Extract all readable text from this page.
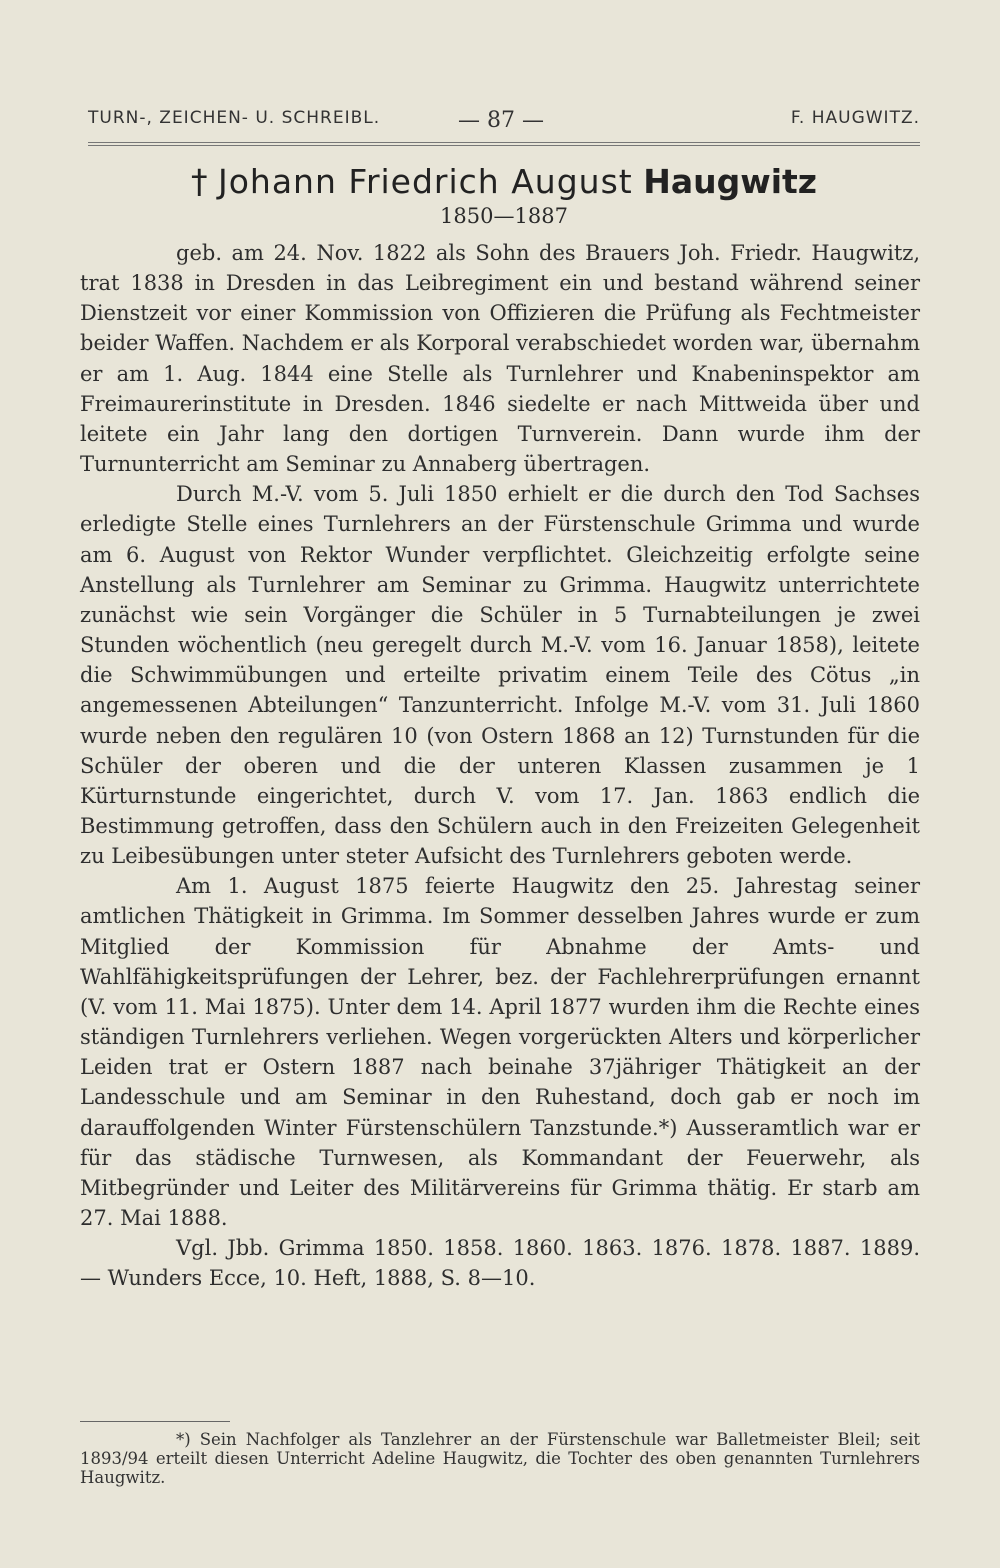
TURN-, ZEICHEN- U. SCHREIBL.	— 87 —	F. HAUGWITZ.
† Johann Friedrich August Haugwitz
1850—1887

geb. am 24. Nov. 1822 als Sohn des Brauers Joh. Friedr. Haugwitz, trat 1838 in Dresden in das Leibregiment ein und bestand während seiner Dienstzeit vor einer Kommission von Offizieren die Prüfung als Fechtmeister beider Waffen. Nachdem er als Korporal verabschiedet worden war, übernahm er am 1. Aug. 1844 eine Stelle als Turnlehrer und Knabeninspektor am Freimaurerinstitute in Dresden. 1846 siedelte er nach Mittweida über und leitete ein Jahr lang den dortigen Turnverein. Dann wurde ihm der Turnunterricht am Seminar zu Annaberg übertragen.

Durch M.-V. vom 5. Juli 1850 erhielt er die durch den Tod Sachses erledigte Stelle eines Turnlehrers an der Fürstenschule Grimma und wurde am 6. August von Rektor Wunder verpflichtet. Gleichzeitig erfolgte seine Anstellung als Turnlehrer am Seminar zu Grimma. Haugwitz unterrichtete zunächst wie sein Vorgänger die Schüler in 5 Turnabteilungen je zwei Stunden wöchentlich (neu geregelt durch M.-V. vom 16. Januar 1858), leitete die Schwimmübungen und erteilte privatim einem Teile des Cötus „in angemessenen Abteilungen“ Tanzunterricht. Infolge M.-V. vom 31. Juli 1860 wurde neben den regulären 10 (von Ostern 1868 an 12) Turnstunden für die Schüler der oberen und die der unteren Klassen zusammen je 1 Kürturnstunde eingerichtet, durch V. vom 17. Jan. 1863 endlich die Bestimmung getroffen, dass den Schülern auch in den Freizeiten Gelegenheit zu Leibesübungen unter steter Aufsicht des Turnlehrers geboten werde.

Am 1. August 1875 feierte Haugwitz den 25. Jahrestag seiner amtlichen Thätigkeit in Grimma. Im Sommer desselben Jahres wurde er zum Mitglied der Kommission für Abnahme der Amts- und Wahlfähigkeitsprüfungen der Lehrer, bez. der Fachlehrerprüfungen ernannt (V. vom 11. Mai 1875). Unter dem 14. April 1877 wurden ihm die Rechte eines ständigen Turnlehrers verliehen. Wegen vorgerückten Alters und körperlicher Leiden trat er Ostern 1887 nach beinahe 37jähriger Thätigkeit an der Landesschule und am Seminar in den Ruhestand, doch gab er noch im darauffolgenden Winter Fürstenschülern Tanzstunde.*) Ausseramtlich war er für das städische Turnwesen, als Kommandant der Feuerwehr, als Mitbegründer und Leiter des Militärvereins für Grimma thätig. Er starb am 27. Mai 1888.

Vgl. Jbb. Grimma 1850. 1858. 1860. 1863. 1876. 1878. 1887. 1889. — Wunders Ecce, 10. Heft, 1888, S. 8—10.

*) Sein Nachfolger als Tanzlehrer an der Fürstenschule war Balletmeister Bleil; seit 1893/94 erteilt diesen Unterricht Adeline Haugwitz, die Tochter des oben genannten Turnlehrers Haugwitz.
